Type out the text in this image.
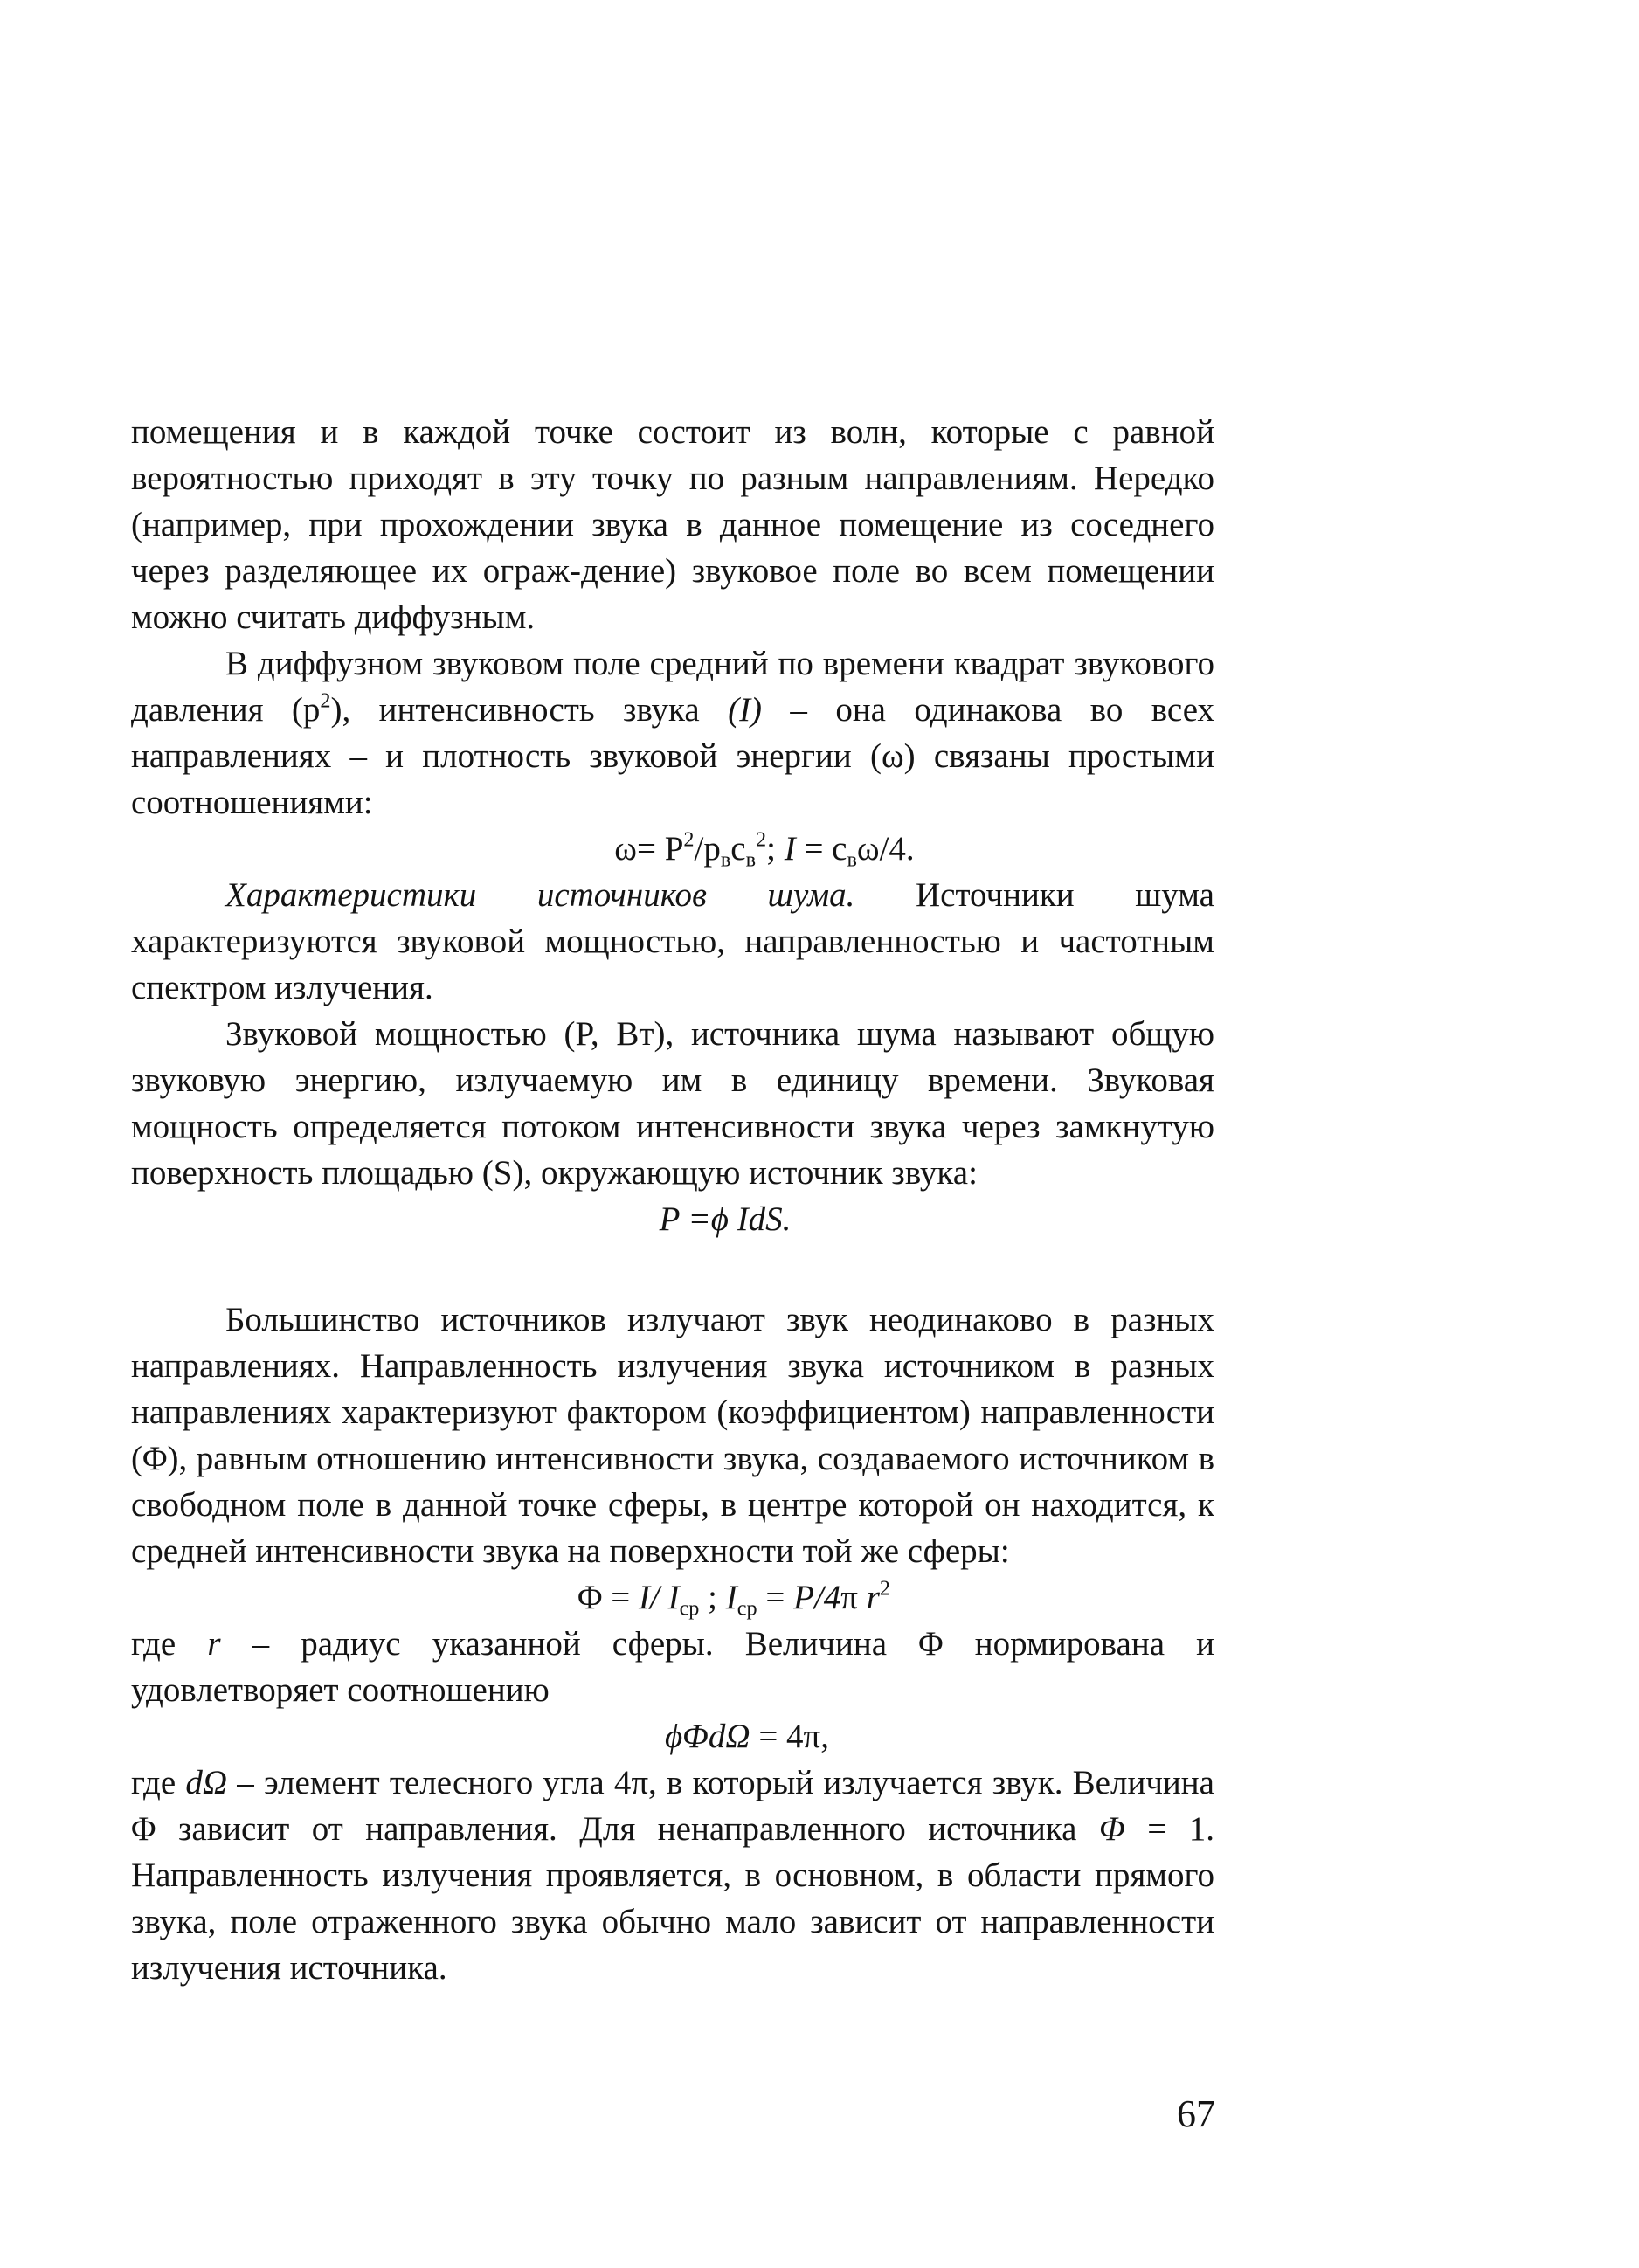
помещения и в каждой точке состоит из волн, которые с равной вероятностью приходят в эту точку по разным направлениям. Нередко (например, при прохождении звука в данное помещение из соседнего через разделяющее их ограж-дение) звуковое поле во всем помещении можно считать диффузным.

В диффузном звуковом поле средний по времени квадрат звукового давления $(p^2)$, интенсивность звука (I) – она одинакова во всех направлениях – и плотность звуковой энергии (ω) связаны простыми соотношениями:

$\omega= P^2/p_вc_в^2$; $I = c_в\omega/4$.

Характеристики источников шума. Источники шума характеризуются звуковой мощностью, направленностью и частотным спектром излучения.

Звуковой мощностью (P, Вт), источника шума называют общую звуковую энергию, излучаемую им в единицу времени. Звуковая мощность определяется потоком интенсивности звука через замкнутую поверхность площадью (S), окружающую источник звука:

P =ϕ IdS.

Большинство источников излучают звук неодинаково в разных направлениях. Направленность излучения звука источником в разных направлениях характеризуют фактором (коэффициентом) направленности (Φ), равным отношению интенсивности звука, создаваемого источником в свободном поле в данной точке сферы, в центре которой он находится, к средней интенсивности звука на поверхности той же сферы:

Φ = I/ $I_{ср}$ ; $I_{ср} = P/4\pi$ $r^2$

где r – радиус указанной сферы. Величина Φ нормирована и удовлетворяет соотношению

ϕΦdΩ = 4π,

где dΩ – элемент телесного угла 4π, в который излучается звук. Величина Φ зависит от направления. Для ненаправленного источника Φ = 1. Направленность излучения проявляется, в основном, в области прямого звука, поле отраженного звука обычно мало зависит от направленности излучения источника.

67
